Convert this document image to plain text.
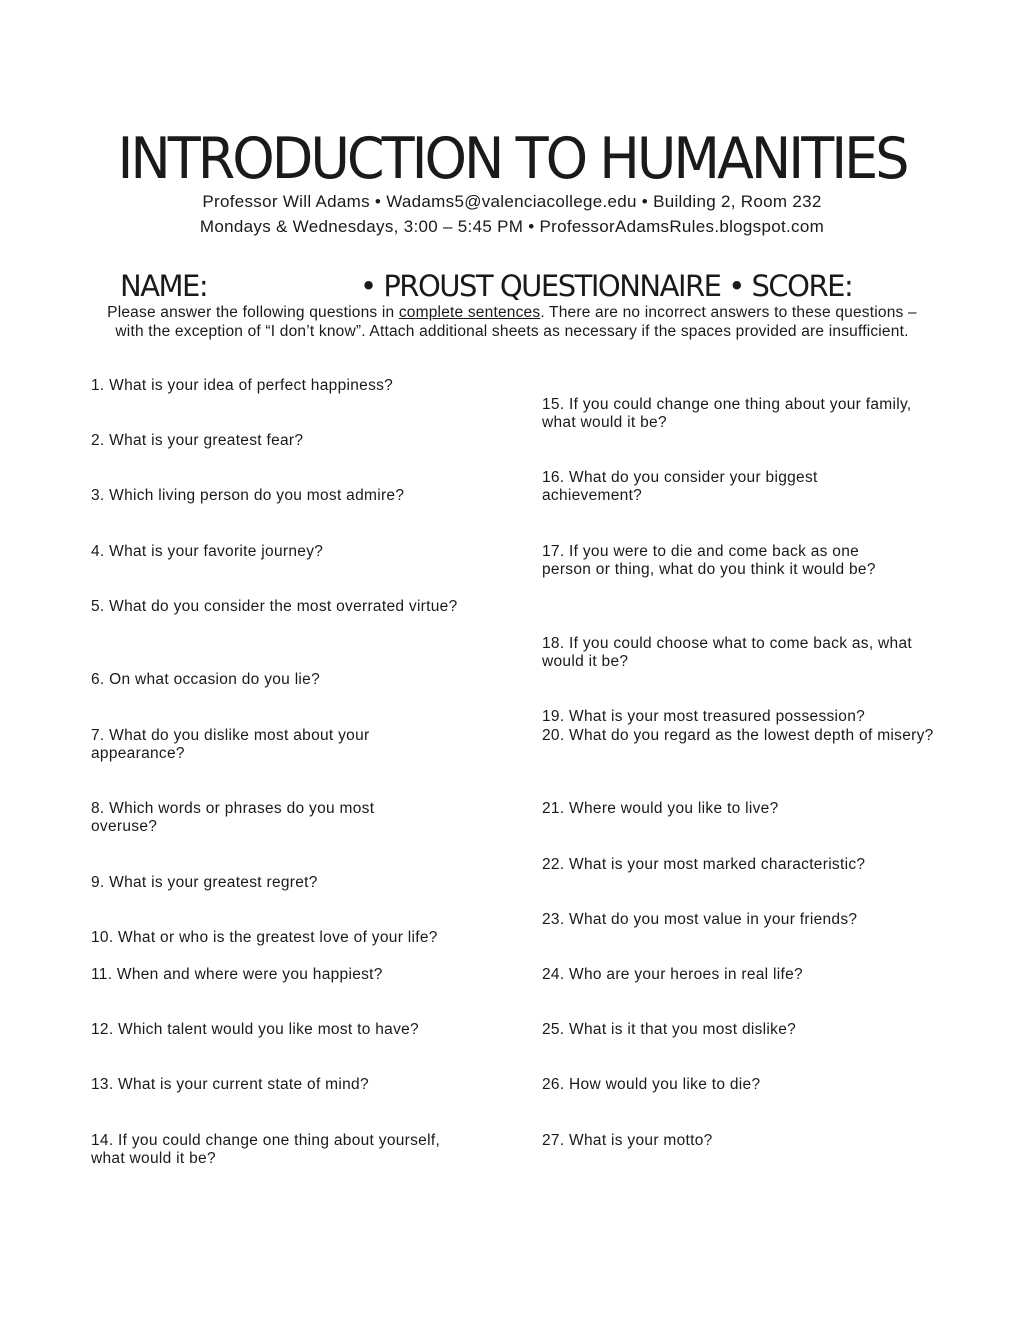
INTRODUCTION TO HUMANITIES
Professor Will Adams • Wadams5@valenciacollege.edu • Building 2, Room 232
Mondays & Wednesdays, 3:00 – 5:45 PM • ProfessorAdamsRules.blogspot.com
NAME:	• PROUST QUESTIONNAIRE • SCORE:
Please answer the following questions in complete sentences. There are no incorrect answers to these questions – with the exception of “I don’t know”. Attach additional sheets as necessary if the spaces provided are insufficient.
1. What is your idea of perfect happiness?
2. What is your greatest fear?
3. Which living person do you most admire?
4. What is your favorite journey?
5. What do you consider the most overrated virtue?
6. On what occasion do you lie?
7. What do you dislike most about your appearance?
8. Which words or phrases do you most overuse?
9. What is your greatest regret?
10. What or who is the greatest love of your life?
11. When and where were you happiest?
12. Which talent would you like most to have?
13. What is your current state of mind?
14. If you could change one thing about yourself, what would it be?
15. If you could change one thing about your family, what would it be?
16. What do you consider your biggest achievement?
17. If you were to die and come back as one person or thing, what do you think it would be?
18. If you could choose what to come back as, what would it be?
19. What is your most treasured possession?
20. What do you regard as the lowest depth of misery?
21. Where would you like to live?
22. What is your most marked characteristic?
23. What do you most value in your friends?
24. Who are your heroes in real life?
25. What is it that you most dislike?
26. How would you like to die?
27. What is your motto?
